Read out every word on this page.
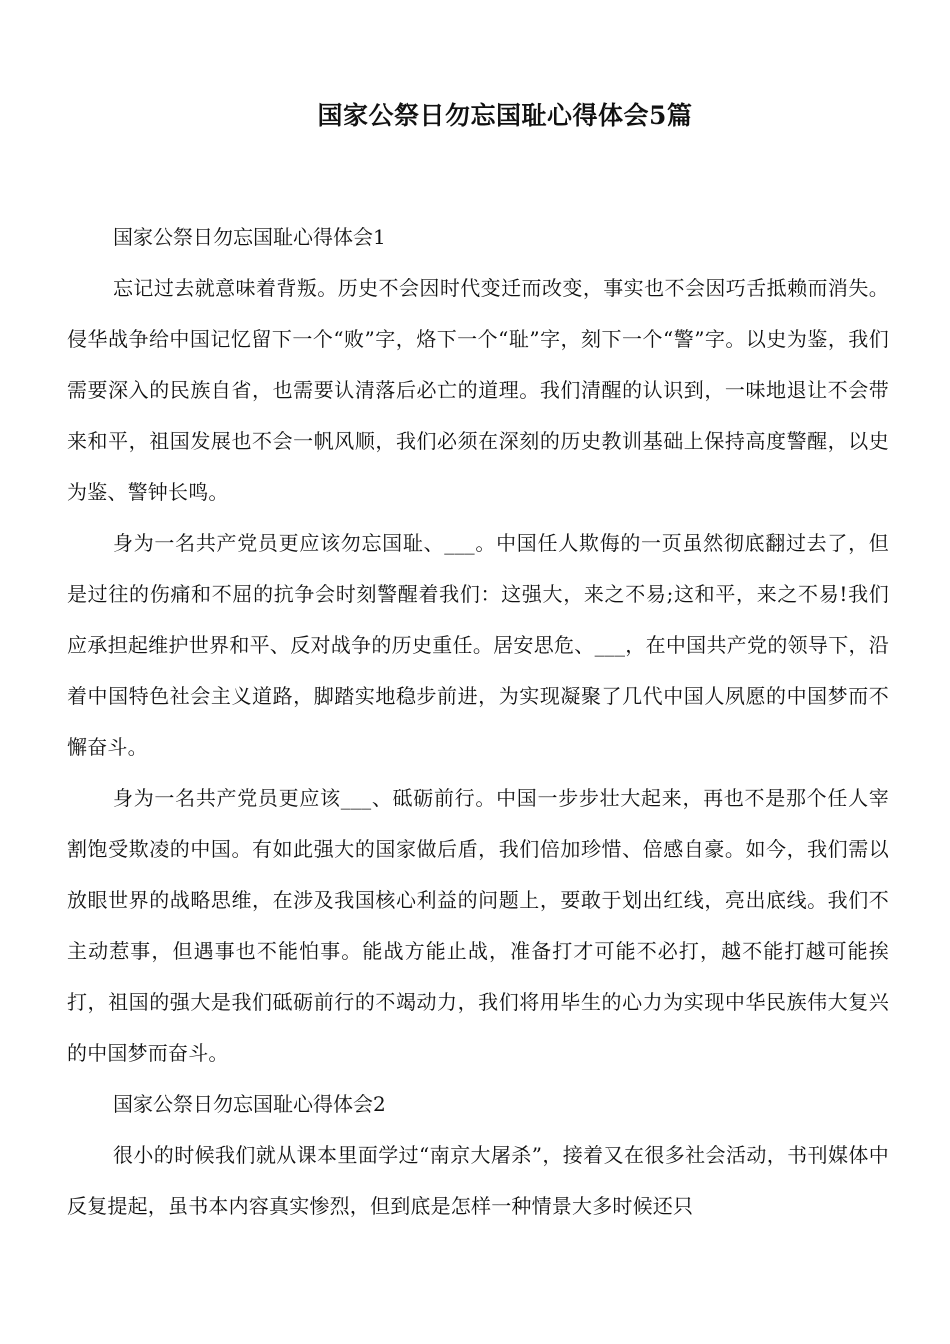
国家公祭日勿忘国耻心得体会5篇

国家公祭日勿忘国耻心得体会1

忘记过去就意味着背叛。历史不会因时代变迁而改变，事实也不会因巧舌抵赖而消失。侵华战争给中国记忆留下一个“败”字，烙下一个“耻”字，刻下一个“警”字。以史为鉴，我们需要深入的民族自省，也需要认清落后必亡的道理。我们清醒的认识到，一味地退让不会带来和平，祖国发展也不会一帆风顺，我们必须在深刻的历史教训基础上保持高度警醒，以史为鉴、警钟长鸣。

身为一名共产党员更应该勿忘国耻、___。中国任人欺侮的一页虽然彻底翻过去了，但是过往的伤痛和不屈的抗争会时刻警醒着我们：这强大，来之不易;这和平，来之不易!我们应承担起维护世界和平、反对战争的历史重任。居安思危、___，在中国共产党的领导下，沿着中国特色社会主义道路，脚踏实地稳步前进，为实现凝聚了几代中国人夙愿的中国梦而不懈奋斗。

身为一名共产党员更应该___、砥砺前行。中国一步步壮大起来，再也不是那个任人宰割饱受欺凌的中国。有如此强大的国家做后盾，我们倍加珍惜、倍感自豪。如今，我们需以放眼世界的战略思维，在涉及我国核心利益的问题上，要敢于划出红线，亮出底线。我们不主动惹事，但遇事也不能怕事。能战方能止战，准备打才可能不必打，越不能打越可能挨打，祖国的强大是我们砥砺前行的不竭动力，我们将用毕生的心力为实现中华民族伟大复兴的中国梦而奋斗。

国家公祭日勿忘国耻心得体会2

很小的时候我们就从课本里面学过“南京大屠杀”，接着又在很多社会活动，书刊媒体中反复提起，虽书本内容真实惨烈，但到底是怎样一种情景大多时候还只
